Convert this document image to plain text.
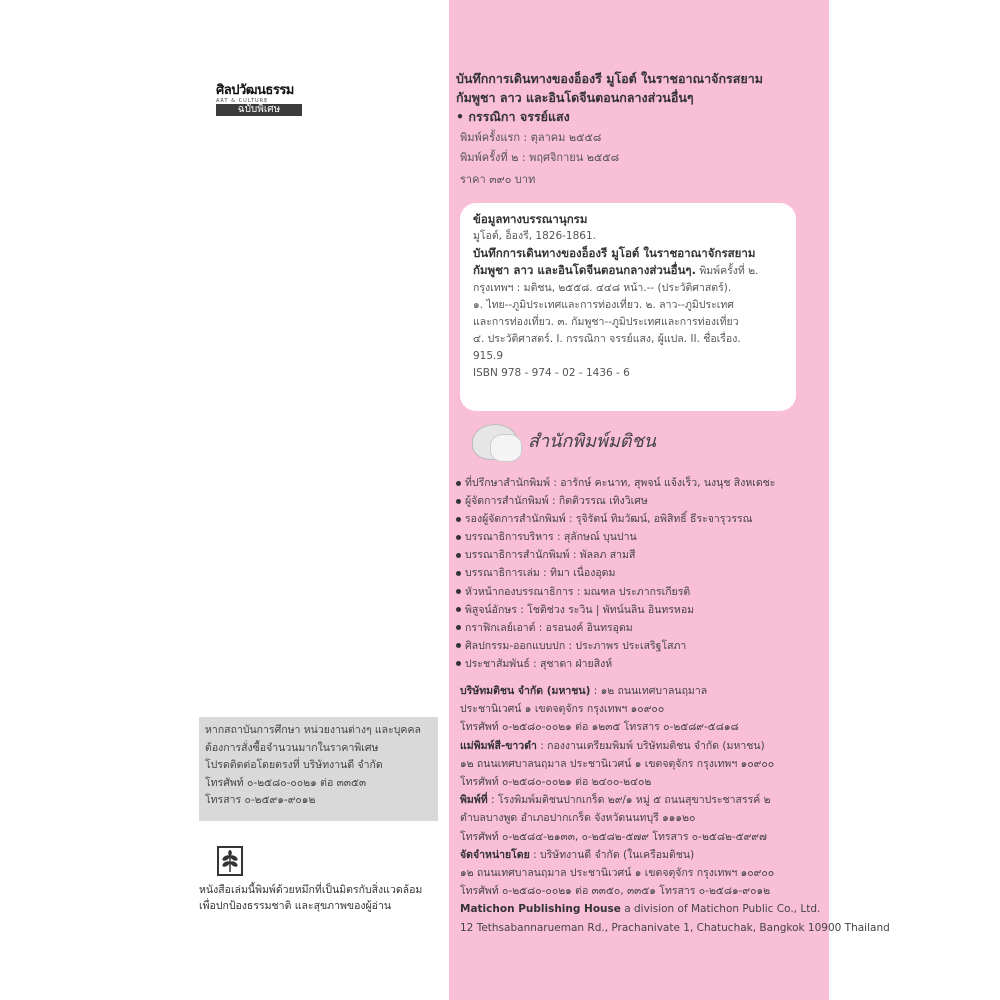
ศิลปวัฒนธรรม
ART & CULTURE
ฉบับพิเศษ
หากสถาบันการศึกษา หน่วยงานต่างๆ และบุคคล
ต้องการสั่งซื้อจำนวนมากในราคาพิเศษ
โปรดติดต่อโดยตรงที่ บริษัทงานดี จำกัด
โทรศัพท์ ๐-๒๕๘๐-๐๐๒๑ ต่อ ๓๓๕๓
โทรสาร ๐-๒๕๙๑-๙๐๑๒
หนังสือเล่มนี้พิมพ์ด้วยหมึกที่เป็นมิตรกับสิ่งแวดล้อม
เพื่อปกป้องธรรมชาติ และสุขภาพของผู้อ่าน
บันทึกการเดินทางของอ็องรี มูโอต์ ในราชอาณาจักรสยาม
กัมพูชา ลาว และอินโดจีนตอนกลางส่วนอื่นๆ
• กรรณิกา จรรย์แสง
พิมพ์ครั้งแรก : ตุลาคม ๒๕๕๘
พิมพ์ครั้งที่ ๒ : พฤศจิกายน ๒๕๕๘
ราคา ๓๙๐ บาท
ข้อมูลทางบรรณานุกรม
มูโอต์, อ็องรี, 1826-1861.
บันทึกการเดินทางของอ็องรี มูโอต์ ในราชอาณาจักรสยาม
กัมพูชา ลาว และอินโดจีนตอนกลางส่วนอื่นๆ. พิมพ์ครั้งที่ ๒.
กรุงเทพฯ : มติชน, ๒๕๕๘. ๔๔๘ หน้า.-- (ประวัติศาสตร์).
๑. ไทย--ภูมิประเทศและการท่องเที่ยว. ๒. ลาว--ภูมิประเทศ
และการท่องเที่ยว. ๓. กัมพูชา--ภูมิประเทศและการท่องเที่ยว
๔. ประวัติศาสตร์. I. กรรณิกา จรรย์แสง, ผู้แปล. II. ชื่อเรื่อง.
915.9
ISBN 978 - 974 - 02 - 1436 - 6
สำนักพิมพ์มติชน
ที่ปรึกษาสำนักพิมพ์ : อารักษ์ คะนาท, สุพจน์ แจ้งเร็ว, นงนุช สิงหเดชะ
ผู้จัดการสำนักพิมพ์ : กิตติวรรณ เทิงวิเศษ
รองผู้จัดการสำนักพิมพ์ : รุจิรัตน์ ทิมวัฒน์, อพิสิทธิ์ ธีระจารุวรรณ
บรรณาธิการบริหาร : สุลักษณ์ บุนปาน
บรรณาธิการสำนักพิมพ์ : พัลลภ สามสี
บรรณาธิการเล่ม : ทิมา เนื่องอุดม
หัวหน้ากองบรรณาธิการ : มณฑล ประภากรเกียรติ
พิสูจน์อักษร : โชติช่วง ระวิน | พัทน์นลิน อินทรหอม
กราฟิกเลย์เอาต์ : อรอนงค์ อินทรอุดม
ศิลปกรรม-ออกแบบปก : ประภาพร ประเสริฐโสภา
ประชาสัมพันธ์ : สุชาดา ฝ่ายสิงห์
บริษัทมติชน จำกัด (มหาชน) : ๑๒ ถนนเทศบาลนฤมาล
ประชานิเวศน์ ๑ เขตจตุจักร กรุงเทพฯ ๑๐๙๐๐
โทรศัพท์ ๐-๒๕๘๐-๐๐๒๑ ต่อ ๑๒๓๕ โทรสาร ๐-๒๕๘๙-๕๘๑๘
แม่พิมพ์สี-ขาวดำ : กองงานเตรียมพิมพ์ บริษัทมติชน จำกัด (มหาชน)
๑๒ ถนนเทศบาลนฤมาล ประชานิเวศน์ ๑ เขตจตุจักร กรุงเทพฯ ๑๐๙๐๐
โทรศัพท์ ๐-๒๕๘๐-๐๐๒๑ ต่อ ๒๔๐๐-๒๔๐๒
พิมพ์ที่ : โรงพิมพ์มติชนปากเกร็ด ๒๙/๑ หมู่ ๕ ถนนสุขาประชาสรรค์ ๒
ตำบลบางพูด อำเภอปากเกร็ด จังหวัดนนทบุรี ๑๑๑๒๐
โทรศัพท์ ๐-๒๕๘๔-๒๑๓๓, ๐-๒๕๘๒-๕๗๙ โทรสาร ๐-๒๕๘๒-๕๙๙๗
จัดจำหน่ายโดย : บริษัทงานดี จำกัด (ในเครือมติชน)
๑๒ ถนนเทศบาลนฤมาล ประชานิเวศน์ ๑ เขตจตุจักร กรุงเทพฯ ๑๐๙๐๐
โทรศัพท์ ๐-๒๕๘๐-๐๐๒๑ ต่อ ๓๓๕๐, ๓๓๕๑ โทรสาร ๐-๒๕๘๑-๙๐๑๒
Matichon Publishing House a division of Matichon Public Co., Ltd.
12 Tethsabannarueman Rd., Prachanivate 1, Chatuchak, Bangkok 10900 Thailand
